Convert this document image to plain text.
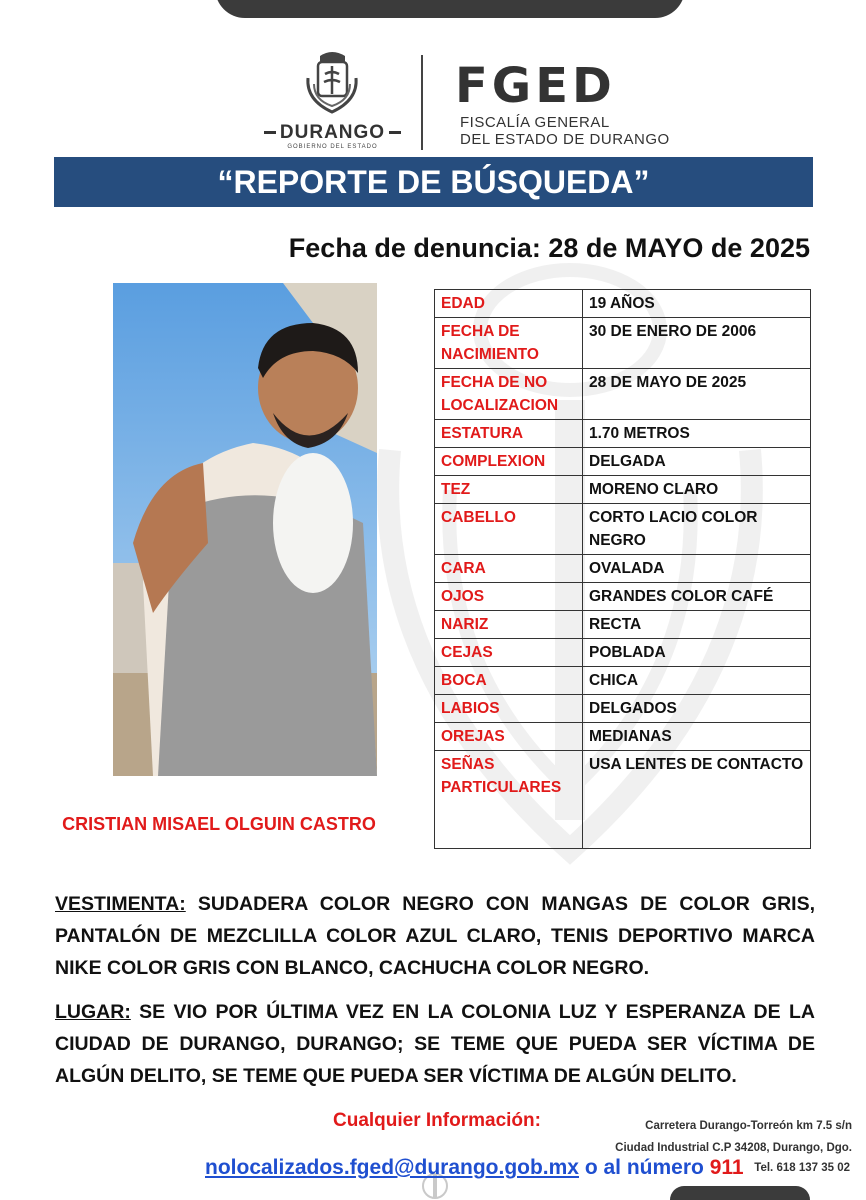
DURANGO
GOBIERNO DEL ESTADO
FGED
FISCALÍA GENERAL
DEL ESTADO DE DURANGO
“REPORTE DE BÚSQUEDA”
Fecha de denuncia: 28 de MAYO de 2025
EDAD	19 AÑOS
FECHA DE NACIMIENTO	30 DE ENERO DE 2006
FECHA DE NO LOCALIZACION	28 DE MAYO DE 2025
ESTATURA	1.70 METROS
COMPLEXION	DELGADA
TEZ	MORENO CLARO
CABELLO	CORTO LACIO COLOR NEGRO
CARA	OVALADA
OJOS	GRANDES COLOR CAFÉ
NARIZ	RECTA
CEJAS	POBLADA
BOCA	CHICA
LABIOS	DELGADOS
OREJAS	MEDIANAS
SEÑAS PARTICULARES	USA LENTES DE CONTACTO
CRISTIAN MISAEL OLGUIN CASTRO
VESTIMENTA: SUDADERA COLOR NEGRO CON MANGAS DE COLOR GRIS, PANTALÓN DE MEZCLILLA COLOR AZUL CLARO, TENIS DEPORTIVO MARCA NIKE COLOR GRIS CON BLANCO, CACHUCHA COLOR NEGRO.
LUGAR: SE VIO POR ÚLTIMA VEZ EN LA COLONIA LUZ Y ESPERANZA DE LA CIUDAD DE DURANGO, DURANGO; SE TEME QUE PUEDA SER VÍCTIMA DE ALGÚN DELITO, SE TEME QUE PUEDA SER VÍCTIMA DE ALGÚN DELITO.
Cualquier Información:	Carretera Durango-Torreón km 7.5 s/n
Ciudad Industrial C.P 34208, Durango, Dgo.
nolocalizados.fged@durango.gob.mx o al número 911 Tel. 618 137 35 02
